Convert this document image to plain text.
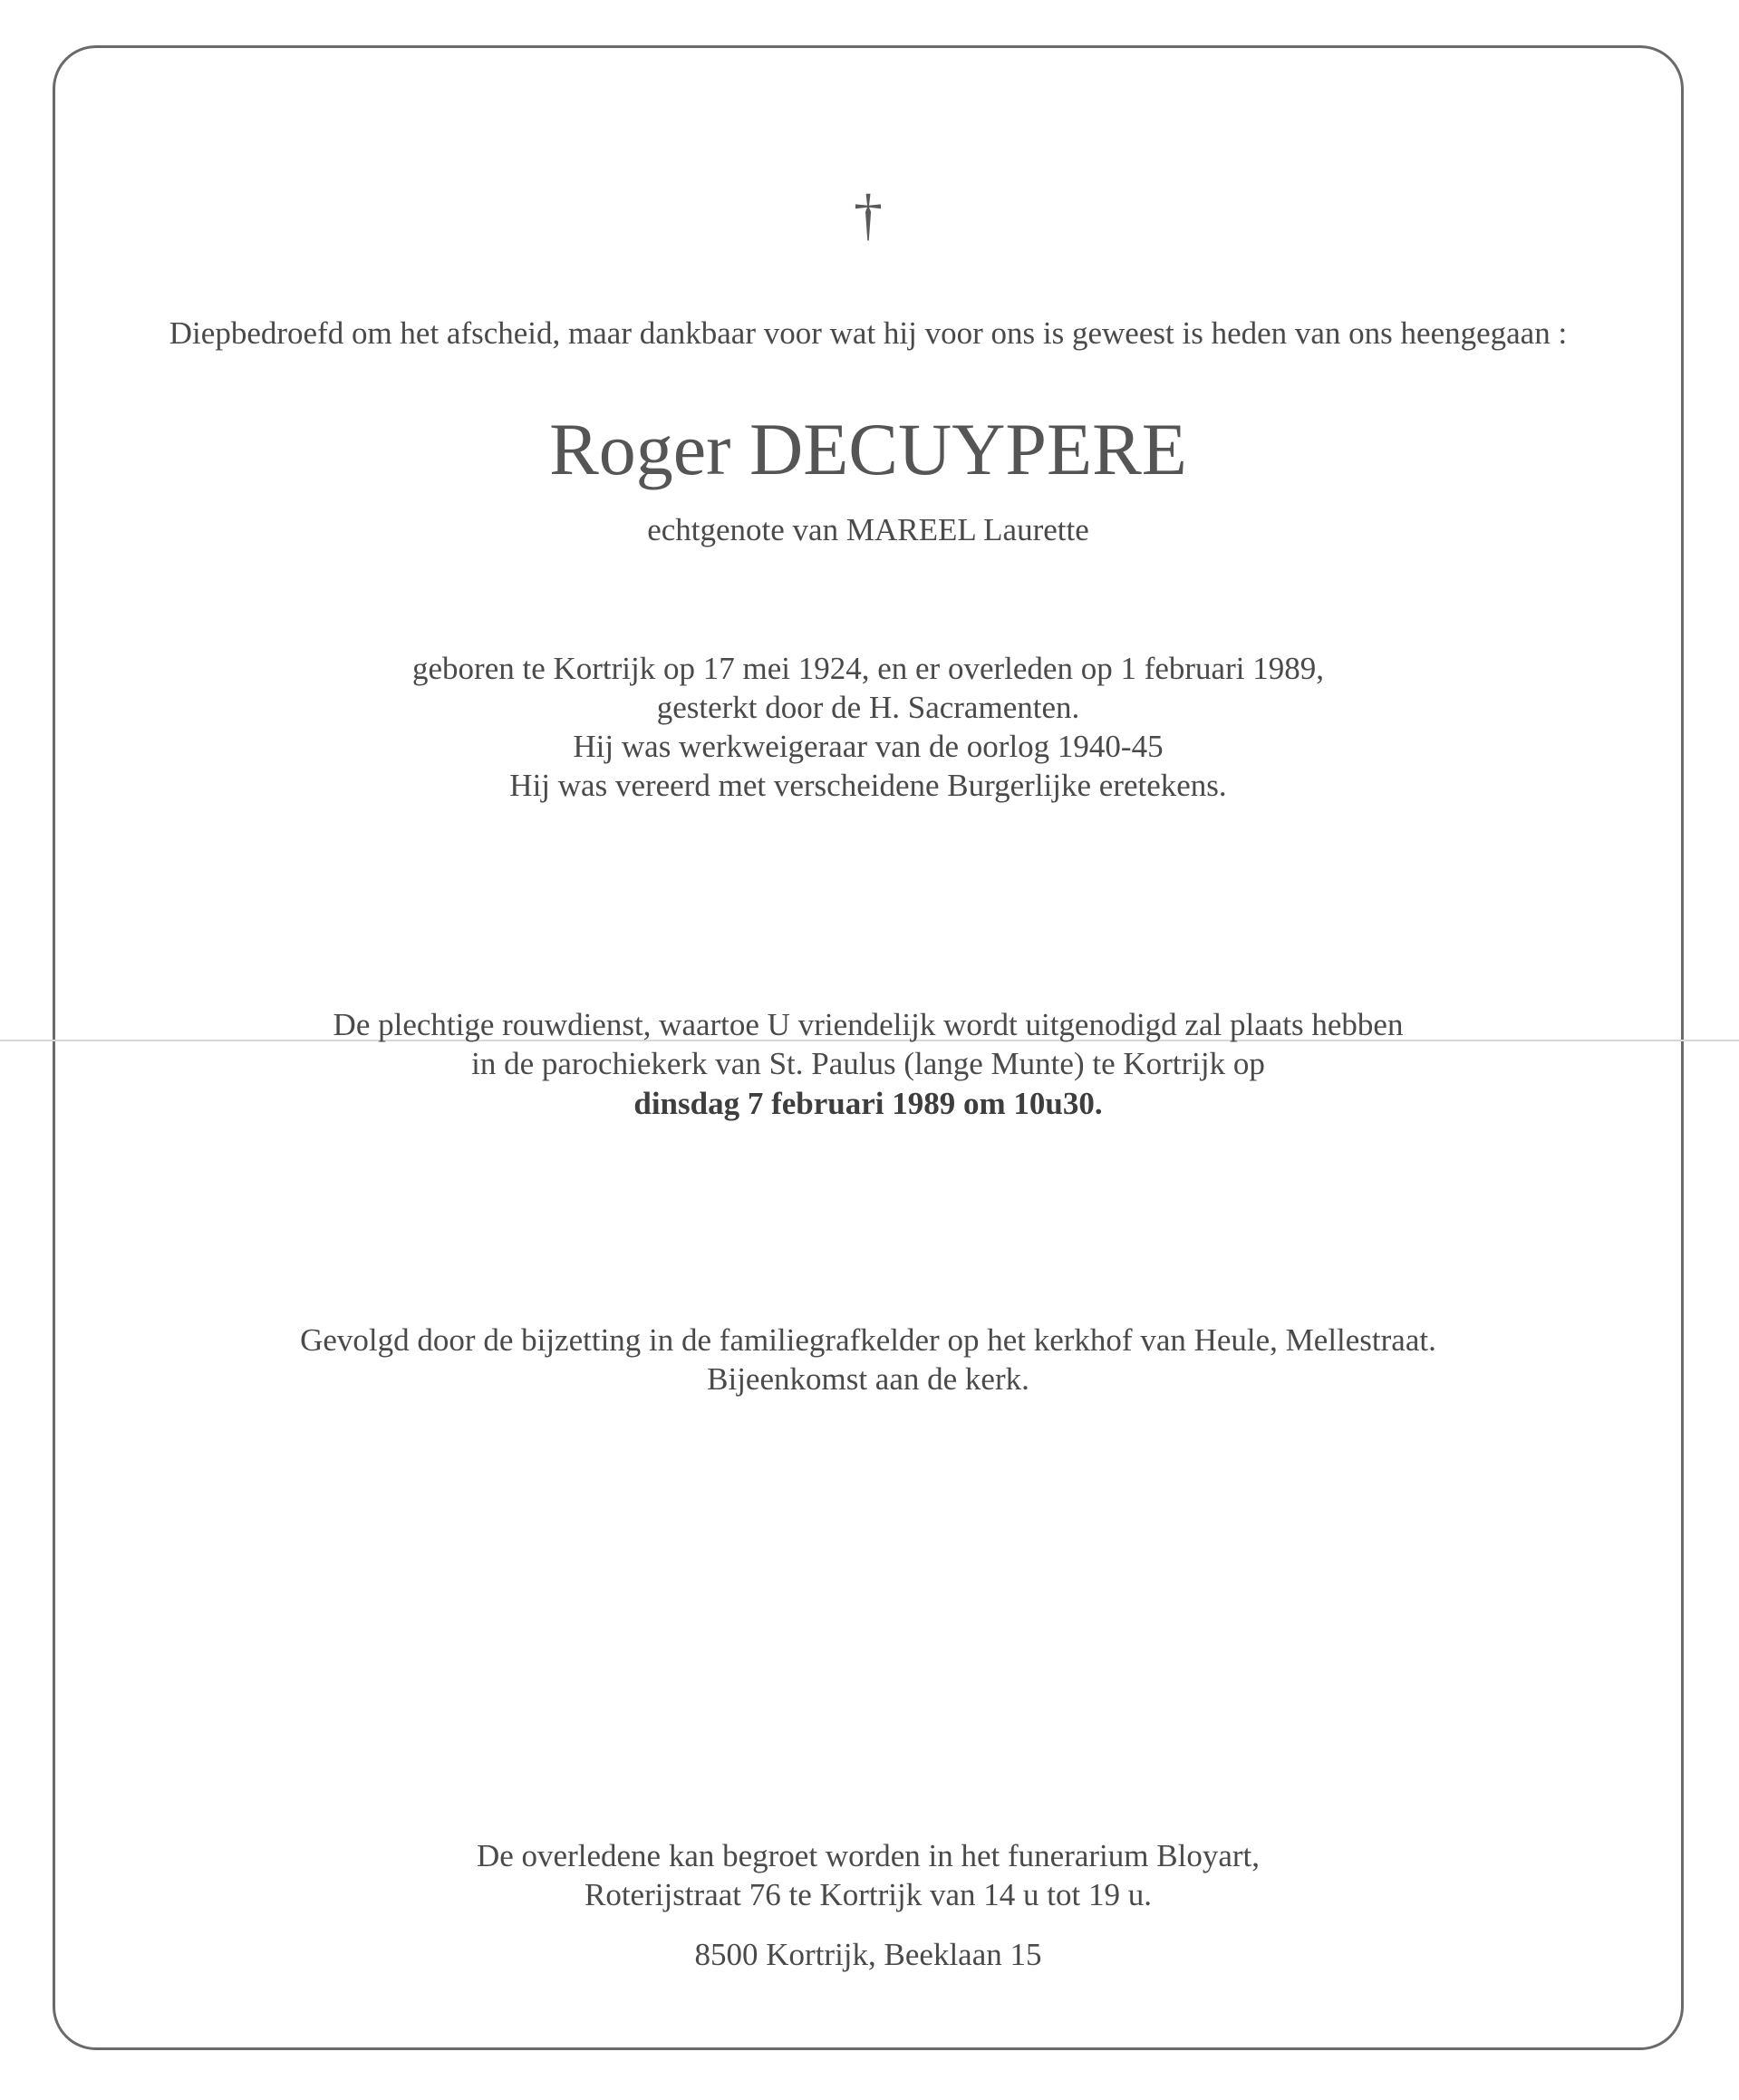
†
Diepbedroefd om het afscheid, maar dankbaar voor wat hij voor ons is geweest is heden van ons heengegaan :
Roger DECUYPERE
echtgenote van MAREEL Laurette
geboren te Kortrijk op 17 mei 1924, en er overleden op 1 februari 1989,
gesterkt door de H. Sacramenten.
Hij was werkweigeraar van de oorlog 1940-45
Hij was vereerd met verscheidene Burgerlijke eretekens.
De plechtige rouwdienst, waartoe U vriendelijk wordt uitgenodigd zal plaats hebben
in de parochiekerk van St. Paulus (lange Munte) te Kortrijk op
dinsdag 7 februari 1989 om 10u30.
Gevolgd door de bijzetting in de familiegrafkelder op het kerkhof van Heule, Mellestraat.
Bijeenkomst aan de kerk.
De overledene kan begroet worden in het funerarium Bloyart,
Roterijstraat 76 te Kortrijk van 14 u tot 19 u.
8500 Kortrijk, Beeklaan 15
